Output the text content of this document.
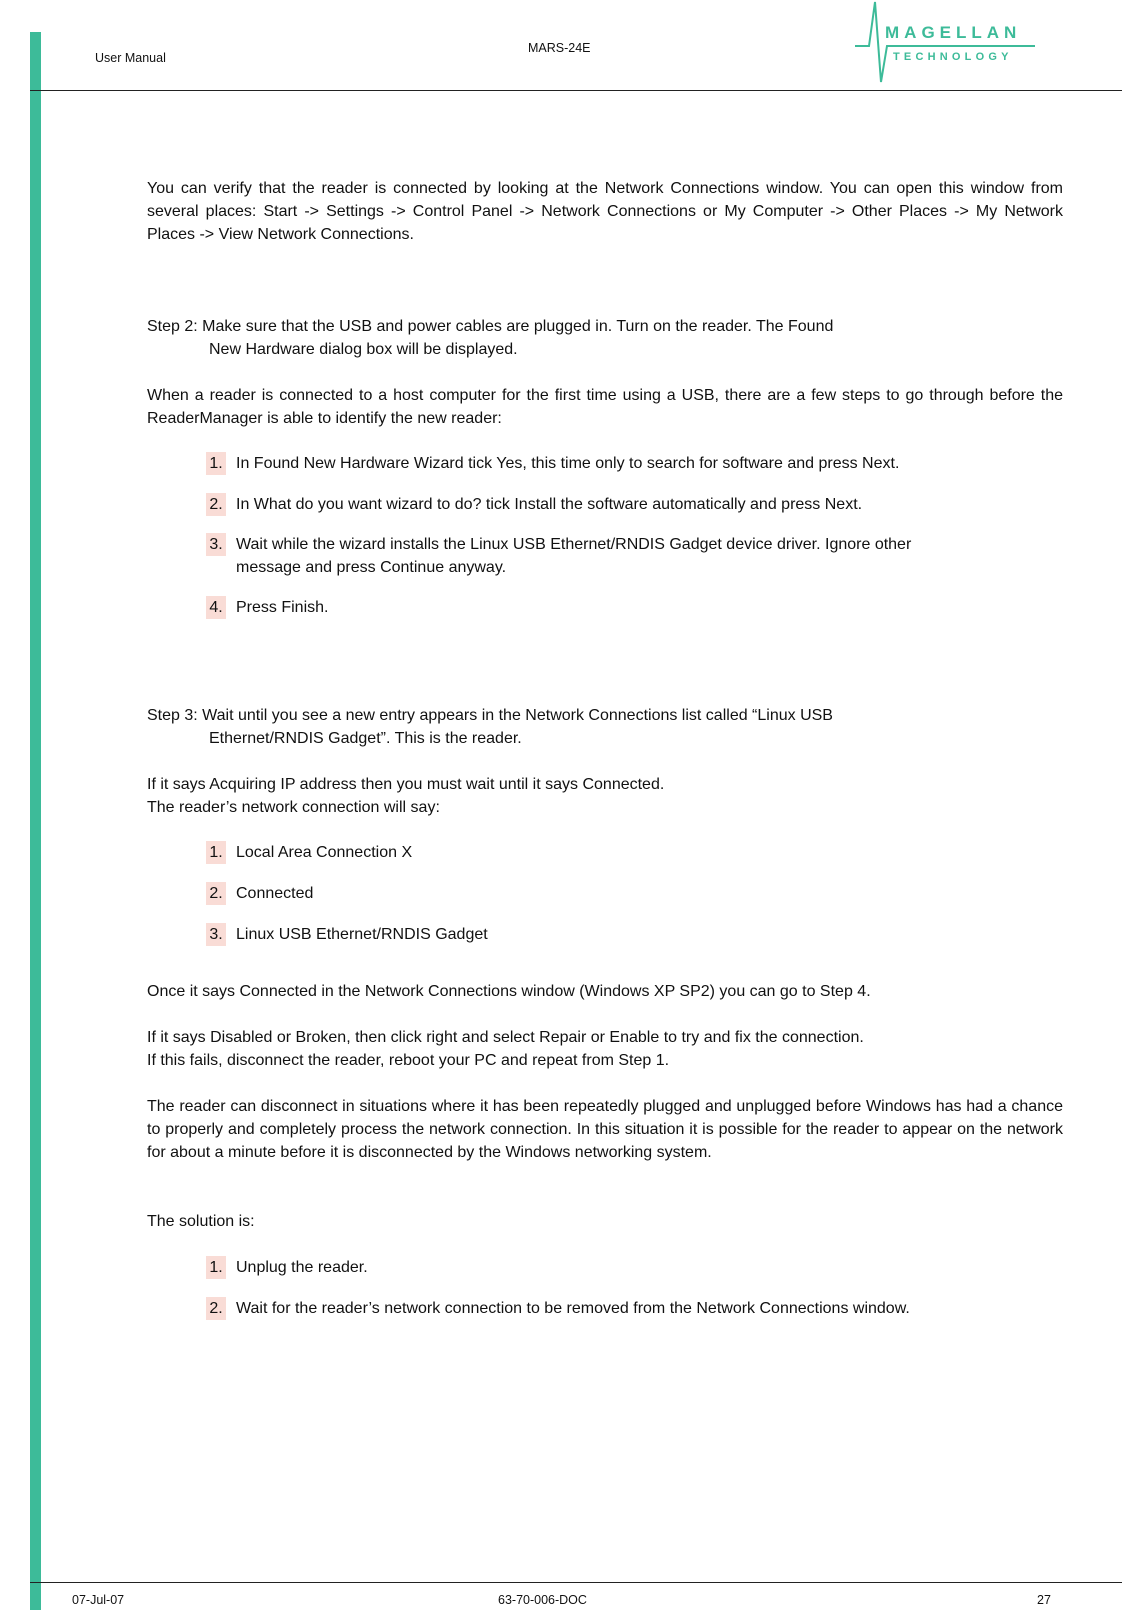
User Manual
MARS-24E
MAGELLAN
TECHNOLOGY

You can verify that the reader is connected by looking at the Network Connections window. You can open this window from several places: Start -> Settings -> Control Panel -> Network Connections or My Computer -> Other Places -> My Network Places -> View Network Connections.

Step 2: Make sure that the USB and power cables are plugged in. Turn on the reader. The Found
New Hardware dialog box will be displayed.

When a reader is connected to a host computer for the first time using a USB, there are a few steps to go through before the ReaderManager is able to identify the new reader:

1. In Found New Hardware Wizard tick Yes, this time only to search for software and press Next.
2. In What do you want wizard to do? tick Install the software automatically and press Next.
3. Wait while the wizard installs the Linux USB Ethernet/RNDIS Gadget device driver. Ignore other
message and press Continue anyway.
4. Press Finish.
Step 3: Wait until you see a new entry appears in the Network Connections list called “Linux USB
Ethernet/RNDIS Gadget”. This is the reader.
If it says Acquiring IP address then you must wait until it says Connected.
The reader’s network connection will say:
1. Local Area Connection X
2. Connected
3. Linux USB Ethernet/RNDIS Gadget

Once it says Connected in the Network Connections window (Windows XP SP2) you can go to Step 4.

If it says Disabled or Broken, then click right and select Repair or Enable to try and fix the connection.
If this fails, disconnect the reader, reboot your PC and repeat from Step 1.

The reader can disconnect in situations where it has been repeatedly plugged and unplugged before Windows has had a chance to properly and completely process the network connection. In this situation it is possible for the reader to appear on the network for about a minute before it is disconnected by the Windows networking system.

The solution is:

1. Unplug the reader.
2. Wait for the reader’s network connection to be removed from the Network Connections window.
07-Jul-07	63-70-006-DOC	27
